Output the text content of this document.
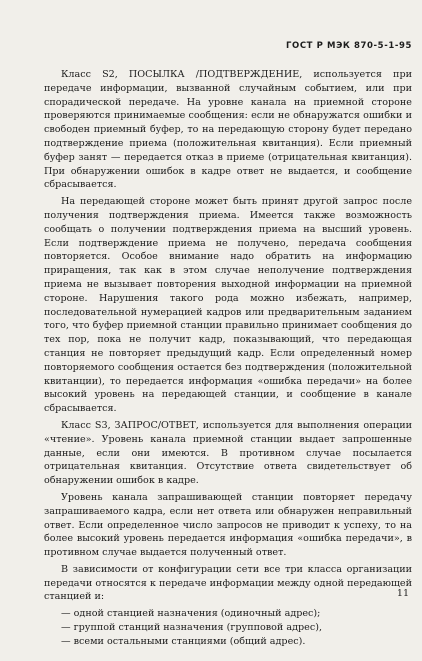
ГОСТ Р МЭК 870-5-1-95

Класс S2, ПОСЫЛКА /ПОДТВЕРЖДЕНИЕ, используется при передаче информации, вызванной случайным событием, или при спорадической передаче. На уровне канала на приемной стороне проверяются принимаемые сообщения: если не обнаружатся ошибки и свободен приемный буфер, то на передающую сторону будет передано подтверждение приема (положительная квитанция). Если приемный буфер занят — передается отказ в приеме (отрицательная квитанция). При обнаружении ошибок в кадре ответ не выдается, и сообщение сбрасывается.

На передающей стороне может быть принят другой запрос после получения подтверждения приема. Имеется также возможность сообщать о получении подтверждения приема на высший уровень. Если подтверждение приема не получено, передача сообщения повторяется. Особое внимание надо обратить на информацию приращения, так как в этом случае неполучение подтверждения приема не вызывает повторения выходной информации на приемной стороне. Нарушения такого рода можно избежать, например, последовательной нумерацией кадров или предварительным заданием того, что буфер приемной станции правильно принимает сообщения до тех пор, пока не получит кадр, показывающий, что передающая станция не повторяет предыдущий кадр. Если определенный номер повторяемого сообщения остается без подтверждения (положительной квитанции), то передается информация «ошибка передачи» на более высокий уровень на передающей станции, и сообщение в канале сбрасывается.

Класс S3, ЗАПРОС/ОТВЕТ, используется для выполнения операции «чтение». Уровень канала приемной станции выдает запрошенные данные, если они имеются. В противном случае посылается отрицательная квитанция. Отсутствие ответа свидетельствует об обнаружении ошибок в кадре.

Уровень канала запрашивающей станции повторяет передачу запрашиваемого кадра, если нет ответа или обнаружен неправильный ответ. Если определенное число запросов не приводит к успеху, то на более высокий уровень передается информация «ошибка передачи», в противном случае выдается полученный ответ.

В зависимости от конфигурации сети все три класса организации передачи относятся к передаче информации между одной передающей станцией и:

— одной станцией назначения (одиночный адрес);

— группой станций назначения (групповой адрес),

— всеми остальными станциями (общий адрес).

11
